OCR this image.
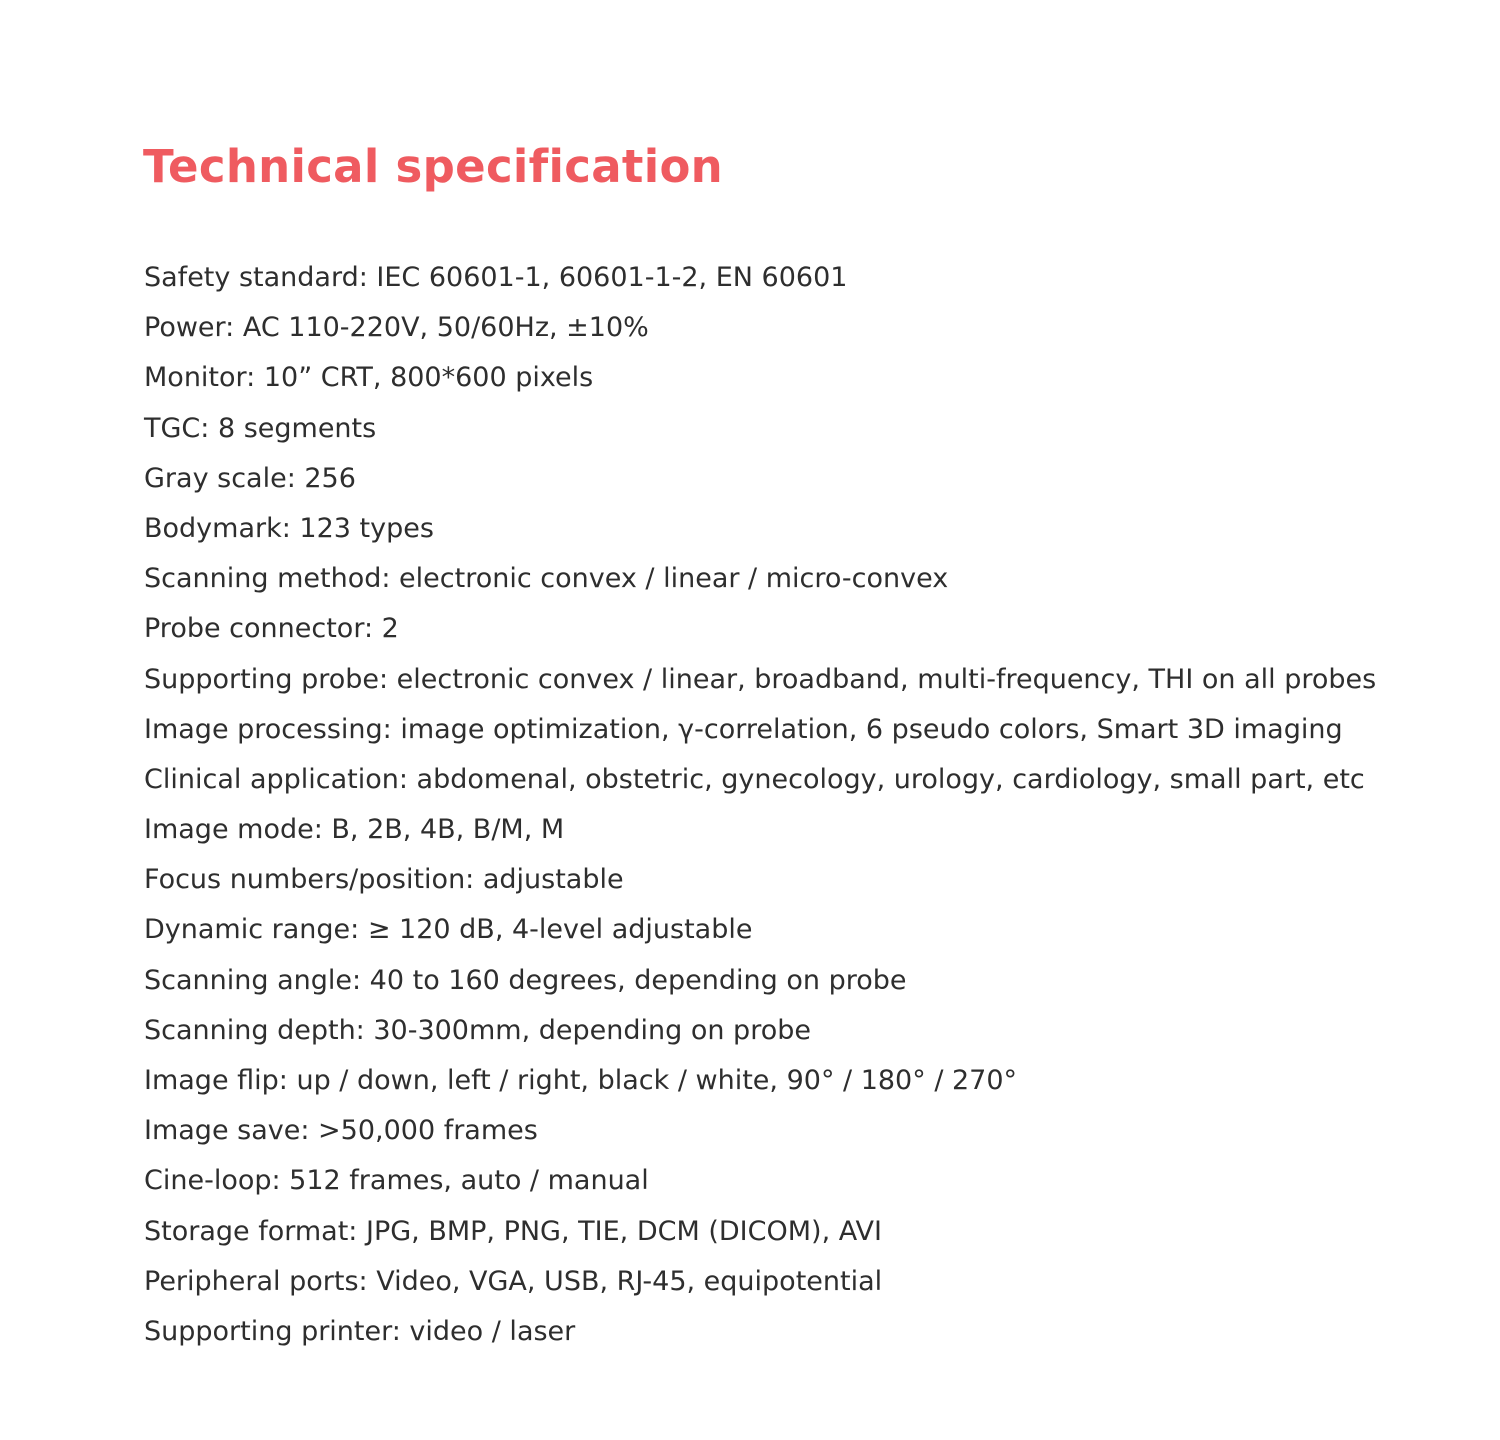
Technical specification
Safety standard: IEC 60601-1, 60601-1-2, EN 60601
Power: AC 110-220V, 50/60Hz, ±10%
Monitor: 10” CRT, 800*600 pixels
TGC: 8 segments
Gray scale: 256
Bodymark: 123 types
Scanning method: electronic convex / linear / micro-convex
Probe connector: 2
Supporting probe: electronic convex / linear, broadband, multi-frequency, THI on all probes
Image processing: image optimization, γ-correlation, 6 pseudo colors, Smart 3D imaging
Clinical application: abdomenal, obstetric, gynecology, urology, cardiology, small part, etc
Image mode: B, 2B, 4B, B/M, M
Focus numbers/position: adjustable
Dynamic range: ≥ 120 dB, 4-level adjustable
Scanning angle: 40 to 160 degrees, depending on probe
Scanning depth: 30-300mm, depending on probe
Image flip: up / down, left / right, black / white, 90° / 180° / 270°
Image save: >50,000 frames
Cine-loop: 512 frames, auto / manual
Storage format: JPG, BMP, PNG, TIE, DCM (DICOM), AVI
Peripheral ports: Video, VGA, USB, RJ-45, equipotential
Supporting printer: video / laser
